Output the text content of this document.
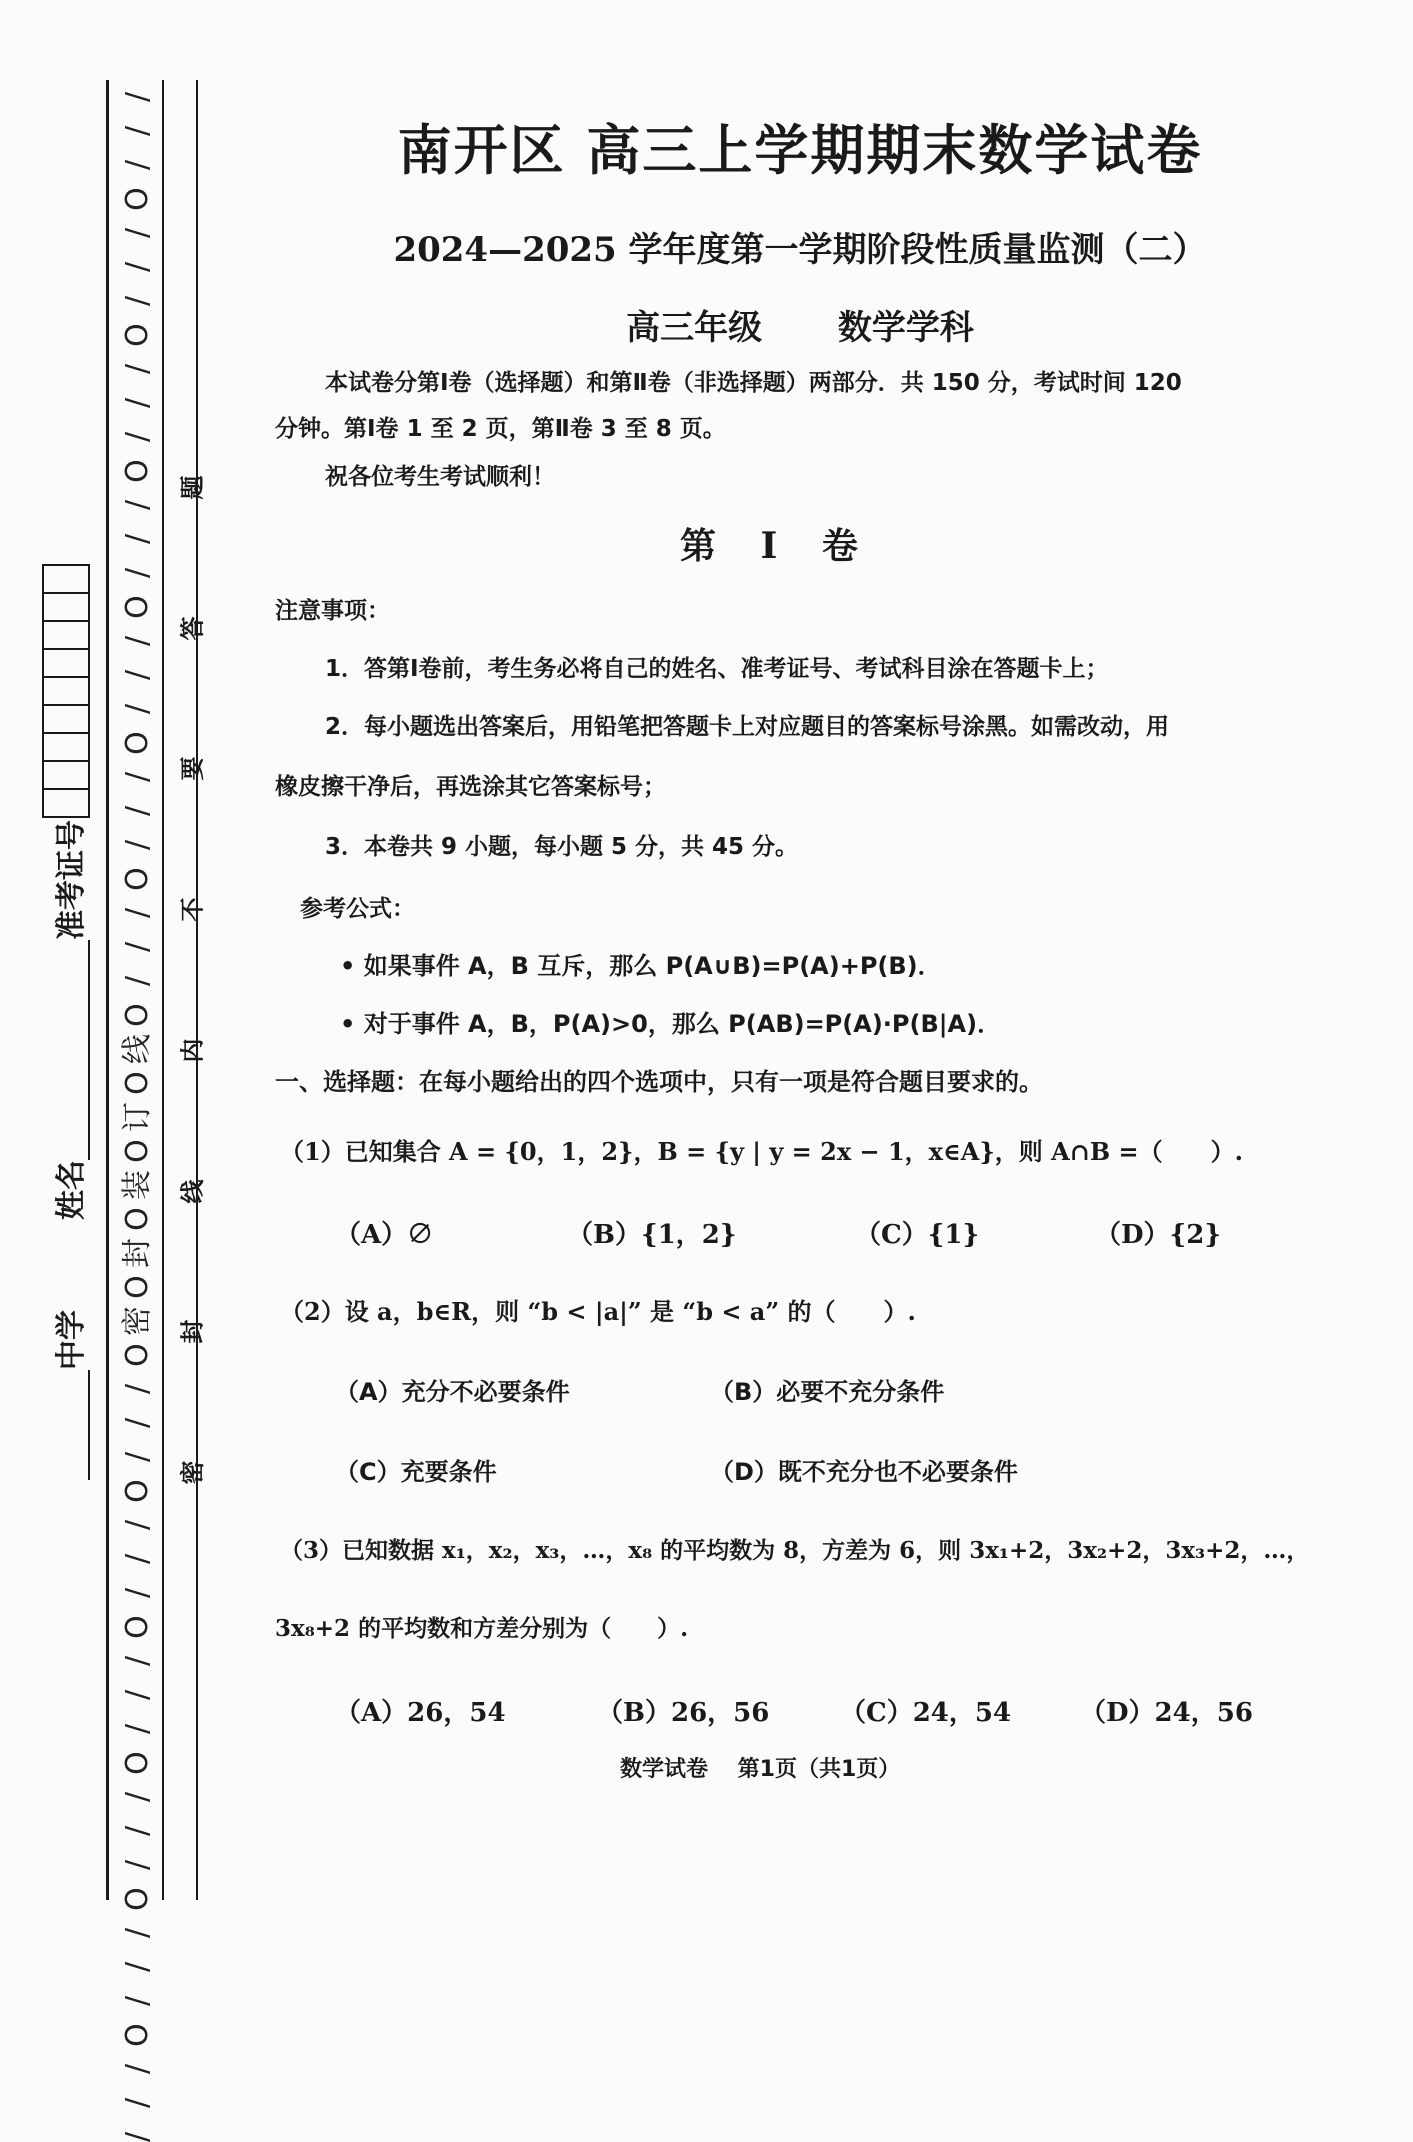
/
/
/
O
/
/
/
O
/
/
/
O
/
/
/
O
/
/
/
O
/
/
/
O
/
/
/
O
线
O
订
O
装
O
封
O
密
O
/
/
/
O
/
/
/
O
/
/
/
O
/
/
/
O
/
/
/
O
/
/
/
题
答
要
不
内
线
封
密
中学
姓名
准考证号
南开区 高三上学期期末数学试卷
2024—2025 学年度第一学期阶段性质量监测（二）
高三年级　 数学学科
本试卷分第Ⅰ卷（选择题）和第Ⅱ卷（非选择题）两部分．共 150 分，考试时间 120
分钟。第Ⅰ卷 1 至 2 页，第Ⅱ卷 3 至 8 页。
祝各位考生考试顺利！
第 Ⅰ 卷
注意事项：
1．答第Ⅰ卷前，考生务必将自己的姓名、准考证号、考试科目涂在答题卡上；
2．每小题选出答案后，用铅笔把答题卡上对应题目的答案标号涂黑。如需改动，用
橡皮擦干净后，再选涂其它答案标号；
3．本卷共 9 小题，每小题 5 分，共 45 分。
参考公式：
• 如果事件 A，B 互斥，那么 P(A∪B)=P(A)+P(B)．
• 对于事件 A，B，P(A)>0，那么 P(AB)=P(A)·P(B|A)．
一、选择题：在每小题给出的四个选项中，只有一项是符合题目要求的。
（1）已知集合 A = {0，1，2}，B = {y | y = 2x − 1，x∈A}，则 A∩B =（　　）.
（A）∅	（B）{1，2}	（C）{1}	（D）{2}
（2）设 a，b∈R，则 “b < |a|” 是 “b < a” 的（　　）.
（A）充分不必要条件	（B）必要不充分条件
（C）充要条件	（D）既不充分也不必要条件
（3）已知数据 x₁，x₂，x₃，…，x₈ 的平均数为 8，方差为 6，则 3x₁+2，3x₂+2，3x₃+2，…，
3x₈+2 的平均数和方差分别为（　　）.
（A）26，54	（B）26，56	（C）24，54	（D）24，56
数学试卷　 第1页（共1页）
